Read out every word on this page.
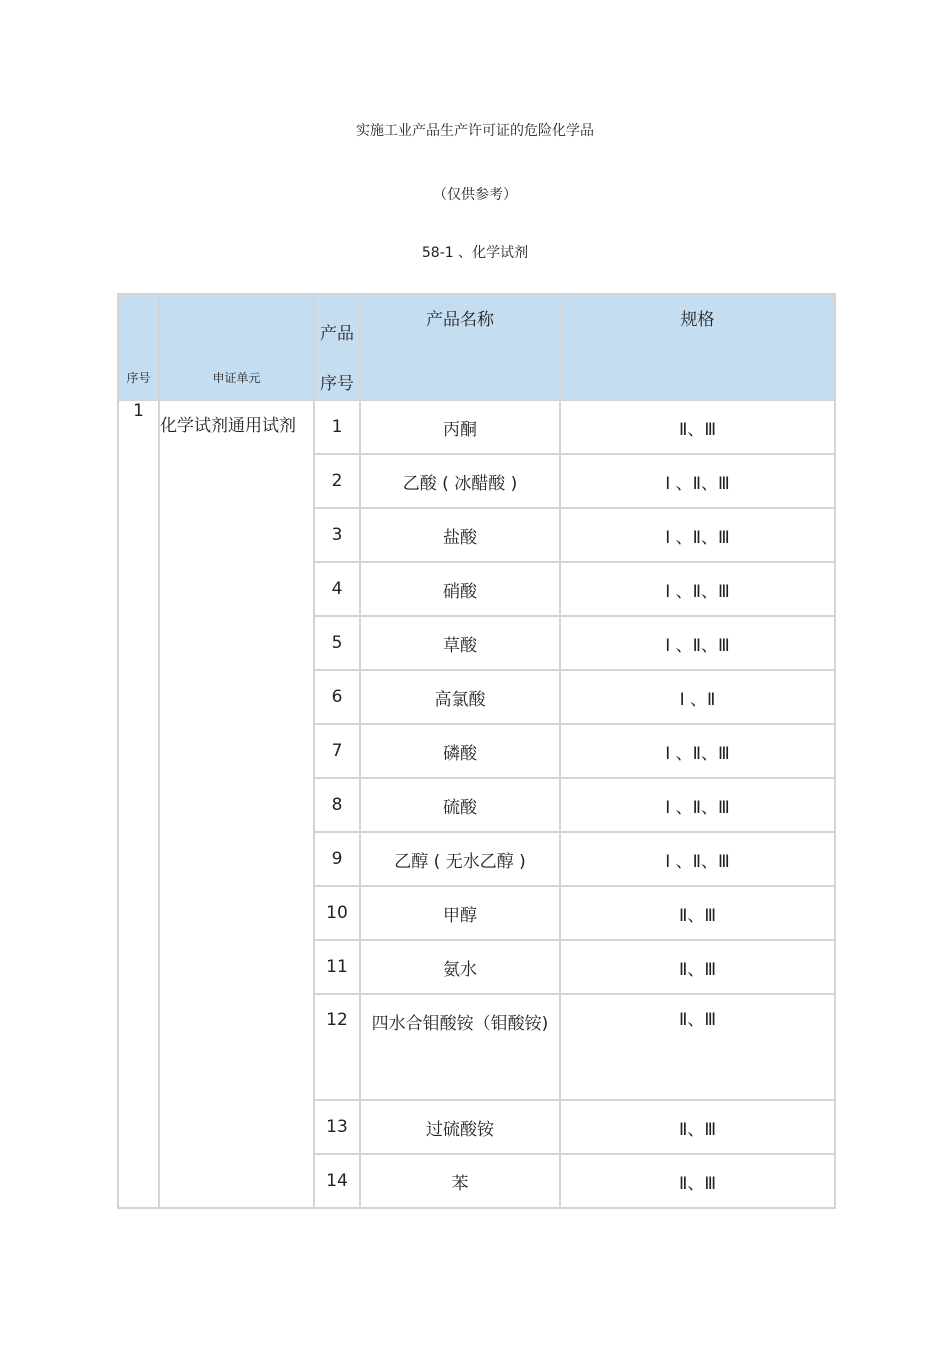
实施工业产品生产许可证的危险化学品
（仅供参考）
58-1 、化学试剂
序号	申证单元	产品序号	产品名称	规格

1	化学试剂通用试剂	1	丙酮	Ⅱ、Ⅲ
		2	乙酸 ( 冰醋酸 )	Ⅰ 、Ⅱ、Ⅲ
		3	盐酸	Ⅰ 、Ⅱ、Ⅲ
		4	硝酸	Ⅰ 、Ⅱ、Ⅲ
		5	草酸	Ⅰ 、Ⅱ、Ⅲ
		6	高氯酸	Ⅰ 、Ⅱ
		7	磷酸	Ⅰ 、Ⅱ、Ⅲ
		8	硫酸	Ⅰ 、Ⅱ、Ⅲ
		9	乙醇 ( 无水乙醇 )	Ⅰ 、Ⅱ、Ⅲ
		10	甲醇	Ⅱ、Ⅲ
		11	氨水	Ⅱ、Ⅲ
		12	四水合钼酸铵（钼酸铵)	Ⅱ、Ⅲ
		13	过硫酸铵	Ⅱ、Ⅲ
		14	苯	Ⅱ、Ⅲ
